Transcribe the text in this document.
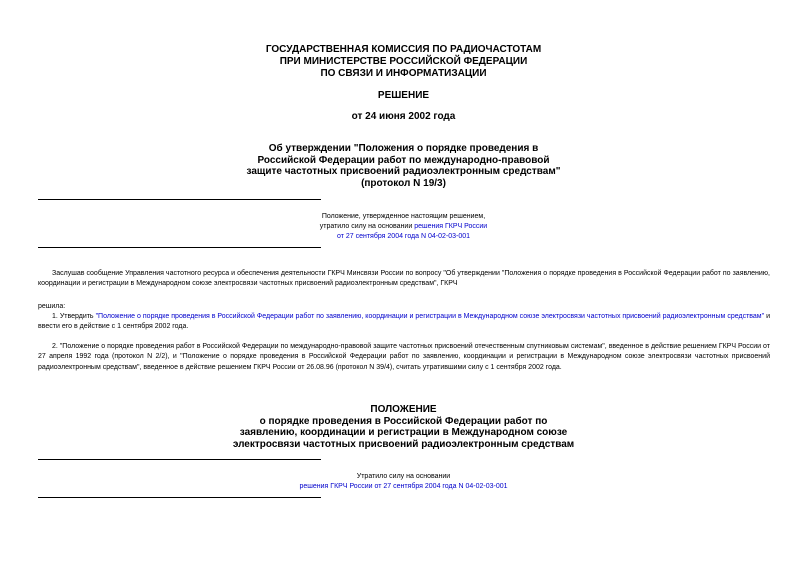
ГОСУДАРСТВЕННАЯ КОМИССИЯ ПО РАДИОЧАСТОТАМ
ПРИ МИНИСТЕРСТВЕ РОССИЙСКОЙ ФЕДЕРАЦИИ
ПО СВЯЗИ И ИНФОРМАТИЗАЦИИ
РЕШЕНИЕ
от 24 июня 2002 года
Об утверждении "Положения о порядке проведения в
Российской Федерации работ по международно-правовой
защите частотных присвоений радиоэлектронным средствам"
(протокол N 19/3)
Положение, утвержденное настоящим решением,
утратило силу на основании решения ГКРЧ России
от 27 сентября 2004 года N 04-02-03-001
Заслушав сообщение Управления частотного ресурса и обеспечения деятельности ГКРЧ Минсвязи России по вопросу "Об утверждении "Положения о порядке проведения в Российской Федерации работ по заявлению, координации и регистрации в Международном союзе электросвязи частотных присвоений радиоэлектронным средствам", ГКРЧ
решила:
1. Утвердить "Положение о порядке проведения в Российской Федерации работ по заявлению, координации и регистрации в Международном союзе электросвязи частотных присвоений радиоэлектронным средствам" и ввести его в действие с 1 сентября 2002 года.
2. "Положение о порядке проведения работ в Российской Федерации по международно-правовой защите частотных присвоений отечественным спутниковым системам", введенное в действие решением ГКРЧ России от 27 апреля 1992 года (протокол N 2/2), и "Положение о порядке проведения в Российской Федерации работ по заявлению, координации и регистрации в Международном союзе электросвязи частотных присвоений радиоэлектронным средствам", введенное в действие решением ГКРЧ России от 26.08.96 (протокол N 39/4), считать утратившими силу с 1 сентября 2002 года.
ПОЛОЖЕНИЕ
о порядке проведения в Российской Федерации работ по
заявлению, координации и регистрации в Международном союзе
электросвязи частотных присвоений радиоэлектронным средствам
Утратило силу на основании
решения ГКРЧ России от 27 сентября 2004 года N 04-02-03-001
